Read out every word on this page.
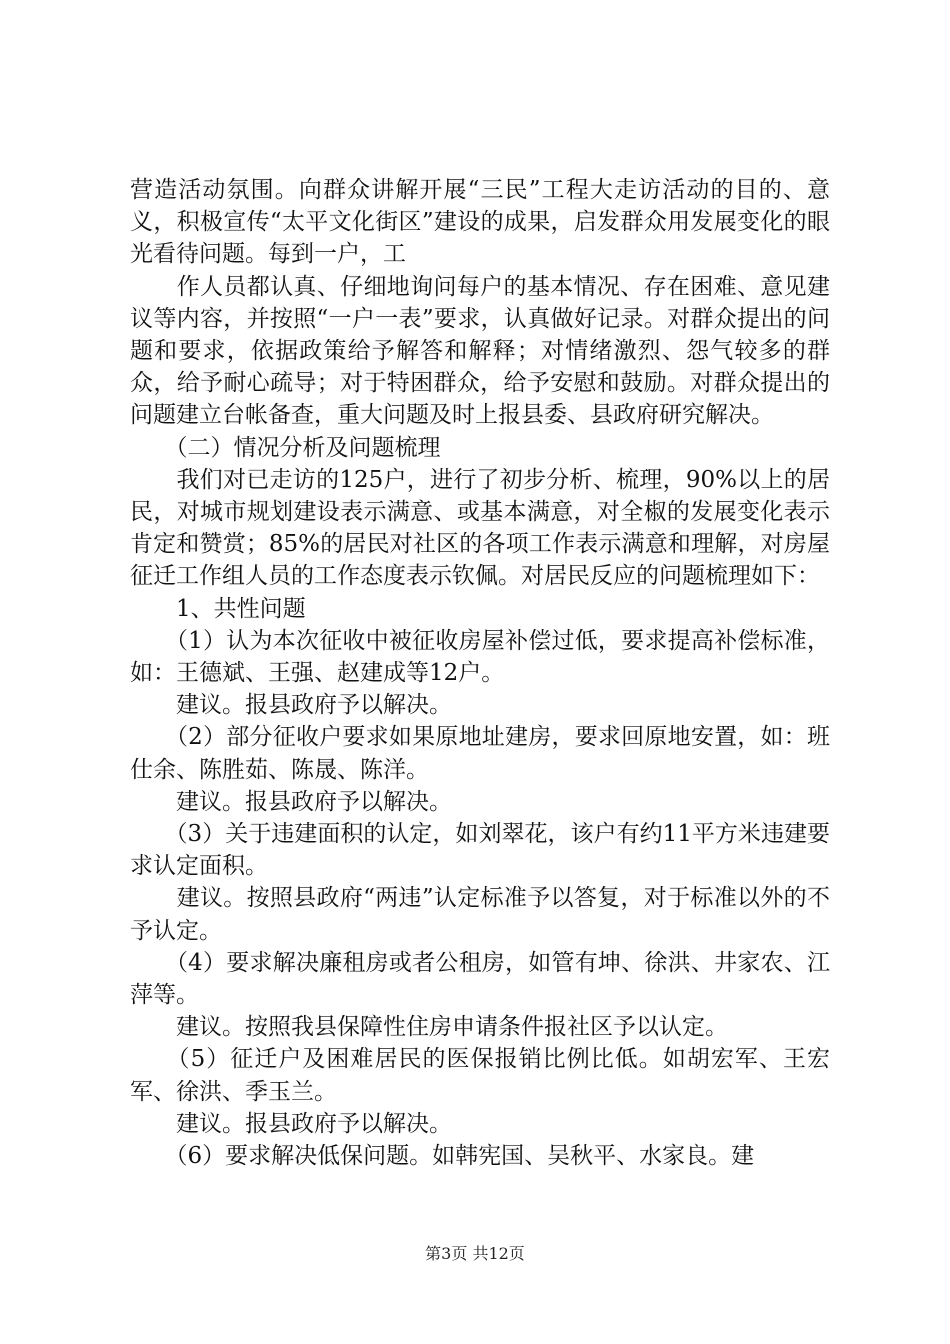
营造活动氛围。向群众讲解开展“三民”工程大走访活动的目的、意义，积极宣传“太平文化街区”建设的成果，启发群众用发展变化的眼光看待问题。每到一户，工

　　作人员都认真、仔细地询问每户的基本情况、存在困难、意见建议等内容，并按照“一户一表”要求，认真做好记录。对群众提出的问题和要求，依据政策给予解答和解释；对情绪激烈、怨气较多的群众，给予耐心疏导；对于特困群众，给予安慰和鼓励。对群众提出的问题建立台帐备查，重大问题及时上报县委、县政府研究解决。

　　（二）情况分析及问题梳理

　　我们对已走访的125户，进行了初步分析、梳理，90%以上的居民，对城市规划建设表示满意、或基本满意，对全椒的发展变化表示肯定和赞赏；85%的居民对社区的各项工作表示满意和理解，对房屋征迁工作组人员的工作态度表示钦佩。对居民反应的问题梳理如下：

　　1、共性问题

　　（1）认为本次征收中被征收房屋补偿过低，要求提高补偿标准，如：王德斌、王强、赵建成等12户。

　　建议。报县政府予以解决。

　　（2）部分征收户要求如果原地址建房，要求回原地安置，如：班仕余、陈胜茹、陈晟、陈洋。

　　建议。报县政府予以解决。

　　（3）关于违建面积的认定，如刘翠花，该户有约11平方米违建要求认定面积。

　　建议。按照县政府“两违”认定标准予以答复，对于标准以外的不予认定。

　　（4）要求解决廉租房或者公租房，如管有坤、徐洪、井家农、江萍等。

　　建议。按照我县保障性住房申请条件报社区予以认定。

　　（5）征迁户及困难居民的医保报销比例比低。如胡宏军、王宏军、徐洪、季玉兰。

　　建议。报县政府予以解决。

　　（6）要求解决低保问题。如韩宪国、吴秋平、水家良。建

第3页 共12页
